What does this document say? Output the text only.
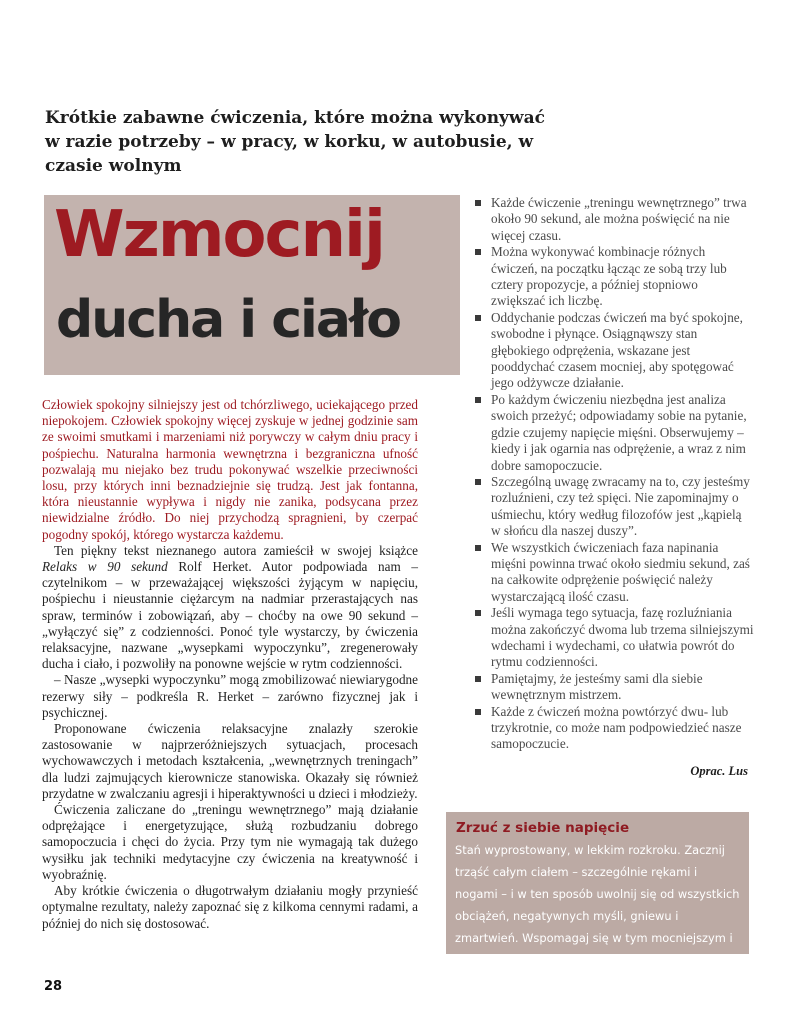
Krótkie zabawne ćwiczenia, które można wykonywać w razie potrzeby – w pracy, w korku, w autobusie, w czasie wolnym

Wzmocnij
ducha i ciało

Człowiek spokojny silniejszy jest od tchórzliwego, uciekającego przed niepokojem. Człowiek spokojny więcej zyskuje w jednej godzinie sam ze swoimi smutkami i marzeniami niż porywczy w całym dniu pracy i pośpiechu. Naturalna harmonia wewnętrzna i bezgraniczna ufność pozwalają mu niejako bez trudu pokonywać wszelkie przeciwności losu, przy których inni beznadziejnie się trudzą. Jest jak fontanna, która nieustannie wypływa i nigdy nie zanika, podsycana przez niewidzialne źródło. Do niej przychodzą spragnieni, by czerpać pogodny spokój, którego wystarcza każdemu.

Ten piękny tekst nieznanego autora zamieścił w swojej książce Relaks w 90 sekund Rolf Herket. Autor podpowiada nam – czytelnikom – w przeważającej większości żyjącym w napięciu, pośpiechu i nieustannie ciężarcym na nadmiar przerastających nas spraw, terminów i zobowiązań, aby – choćby na owe 90 sekund – „wyłączyć się” z codzienności. Ponoć tyle wystarczy, by ćwiczenia relaksacyjne, nazwane „wysepkami wypoczynku”, zregenerowały ducha i ciało, i pozwoliły na ponowne wejście w rytm codzienności.

– Nasze „wysepki wypoczynku” mogą zmobilizować niewiarygodne rezerwy siły – podkreśla R. Herket – zarówno fizycznej jak i psychicznej.

Proponowane ćwiczenia relaksacyjne znalazły szerokie zastosowanie w najprzeróżniejszych sytuacjach, procesach wychowawczych i metodach kształcenia, „wewnętrznych treningach” dla ludzi zajmujących kierownicze stanowiska. Okazały się również przydatne w zwalczaniu agresji i hiperaktywności u dzieci i młodzieży.

Ćwiczenia zaliczane do „treningu wewnętrznego” mają działanie odprężające i energetyzujące, służą rozbudzaniu dobrego samopoczucia i chęci do życia. Przy tym nie wymagają tak dużego wysiłku jak techniki medytacyjne czy ćwiczenia na kreatywność i wyobraźnię.

Aby krótkie ćwiczenia o długotrwałym działaniu mogły przynieść optymalne rezultaty, należy zapoznać się z kilkoma cennymi radami, a później do nich się dostosować.

Każde ćwiczenie „treningu wewnętrznego” trwa około 90 sekund, ale można poświęcić na nie więcej czasu.
Można wykonywać kombinacje różnych ćwiczeń, na początku łącząc ze sobą trzy lub cztery propozycje, a później stopniowo zwiększać ich liczbę.
Oddychanie podczas ćwiczeń ma być spokojne, swobodne i płynące. Osiągnąwszy stan głębokiego odprężenia, wskazane jest pooddychać czasem mocniej, aby spotęgować jego odżywcze działanie.
Po każdym ćwiczeniu niezbędna jest analiza swoich przeżyć; odpowiadamy sobie na pytanie, gdzie czujemy napięcie mięśni. Obserwujemy – kiedy i jak ogarnia nas odprężenie, a wraz z nim dobre samopoczucie.
Szczególną uwagę zwracamy na to, czy jesteśmy rozluźnieni, czy też spięci. Nie zapominajmy o uśmiechu, który według filozofów jest „kąpielą w słońcu dla naszej duszy”.
We wszystkich ćwiczeniach faza napinania mięśni powinna trwać około siedmiu sekund, zaś na całkowite odprężenie poświęcić należy wystarczającą ilość czasu.
Jeśli wymaga tego sytuacja, fazę rozluźniania można zakończyć dwoma lub trzema silniejszymi wdechami i wydechami, co ułatwia powrót do rytmu codzienności.
Pamiętajmy, że jesteśmy sami dla siebie wewnętrznym mistrzem.
Każde z ćwiczeń można powtórzyć dwu- lub trzykrotnie, co może nam podpowiedzieć nasze samopoczucie.
Oprac. Lus
Zrzuć z siebie napięcie

Stań wyprostowany, w lekkim rozkroku. Zacznij trząść całym ciałem – szczególnie rękami i nogami – i w ten sposób uwolnij się od wszystkich obciążeń, negatywnych myśli, gniewu i zmartwień. Wspomagaj się w tym mocniejszym i głośniejszym wydechem.

28
